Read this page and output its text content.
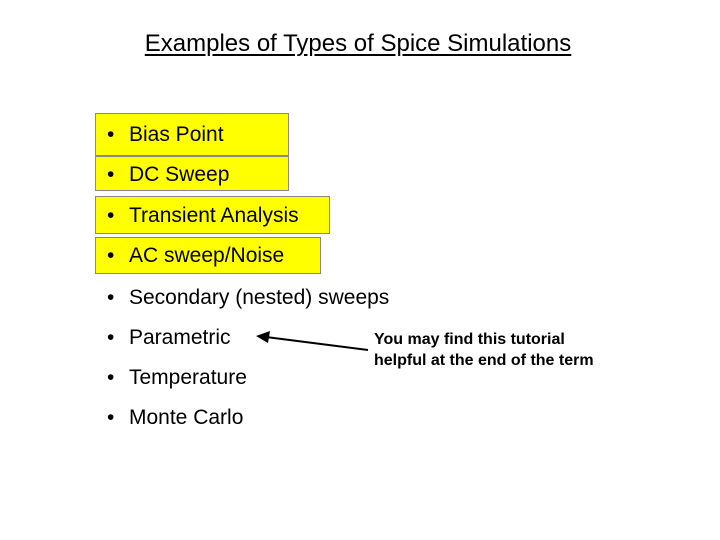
Examples of Types of Spice Simulations
• Bias Point
• DC Sweep
• Transient Analysis
• AC sweep/Noise
• Secondary (nested) sweeps
• Parametric
• Temperature
• Monte Carlo
You may find this tutorial
helpful at the end of the term
